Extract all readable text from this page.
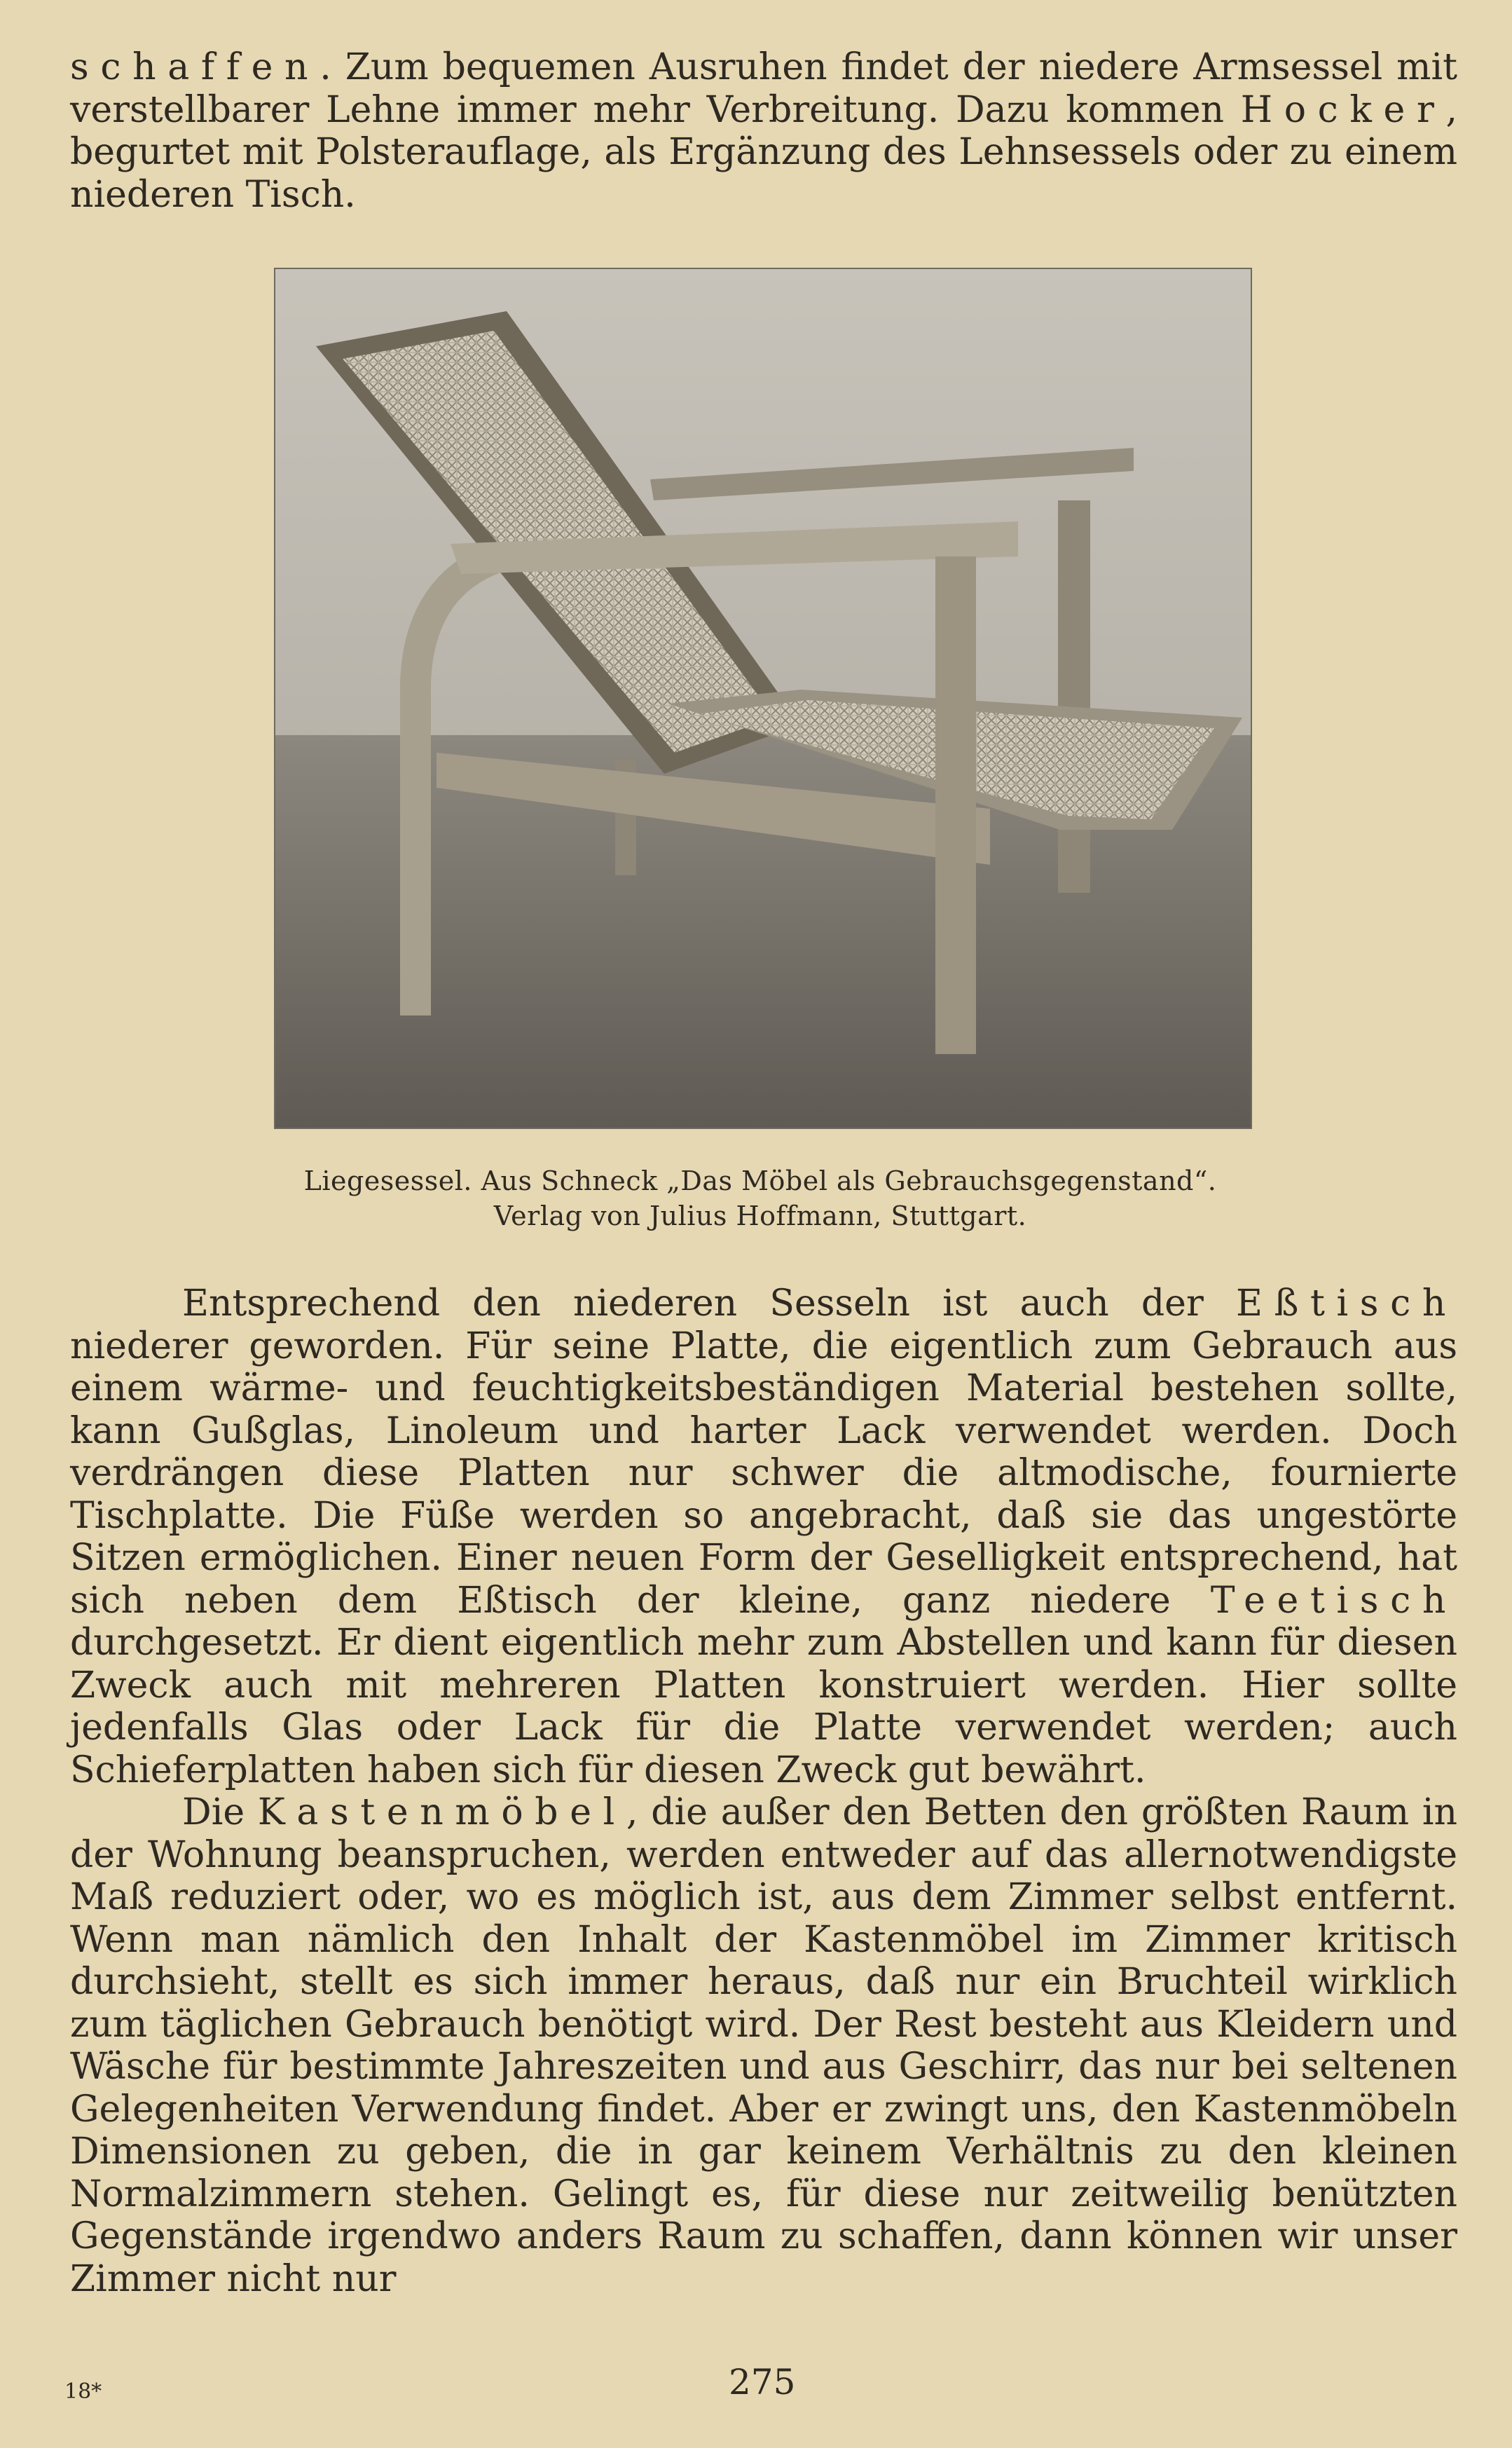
schaffen. Zum bequemen Ausruhen findet der niedere Armsessel mit verstellbarer Lehne immer mehr Verbreitung. Dazu kommen Hocker, begurtet mit Polsterauflage, als Ergänzung des Lehnsessels oder zu einem niederen Tisch.

Liegesessel. Aus Schneck „Das Möbel als Gebrauchsgegenstand“.
Verlag von Julius Hoffmann, Stuttgart.

Entsprechend den niederen Sesseln ist auch der Eßtisch niederer geworden. Für seine Platte, die eigentlich zum Gebrauch aus einem wärme- und feuchtigkeitsbeständigen Material bestehen sollte, kann Gußglas, Linoleum und harter Lack verwendet werden. Doch verdrängen diese Platten nur schwer die altmodische, fournierte Tischplatte. Die Füße werden so angebracht, daß sie das ungestörte Sitzen ermöglichen. Einer neuen Form der Geselligkeit entsprechend, hat sich neben dem Eßtisch der kleine, ganz niedere Teetisch durchgesetzt. Er dient eigentlich mehr zum Abstellen und kann für diesen Zweck auch mit mehreren Platten konstruiert werden. Hier sollte jedenfalls Glas oder Lack für die Platte verwendet werden; auch Schieferplatten haben sich für diesen Zweck gut bewährt.

Die Kastenmöbel, die außer den Betten den größten Raum in der Wohnung beanspruchen, werden entweder auf das allernotwendigste Maß reduziert oder, wo es möglich ist, aus dem Zimmer selbst entfernt. Wenn man nämlich den Inhalt der Kastenmöbel im Zimmer kritisch durchsieht, stellt es sich immer heraus, daß nur ein Bruchteil wirklich zum täglichen Gebrauch benötigt wird. Der Rest besteht aus Kleidern und Wäsche für bestimmte Jahreszeiten und aus Geschirr, das nur bei seltenen Gelegenheiten Verwendung findet. Aber er zwingt uns, den Kastenmöbeln Dimensionen zu geben, die in gar keinem Verhältnis zu den kleinen Normalzimmern stehen. Gelingt es, für diese nur zeitweilig benützten Gegenstände irgendwo anders Raum zu schaffen, dann können wir unser Zimmer nicht nur

18*	275
